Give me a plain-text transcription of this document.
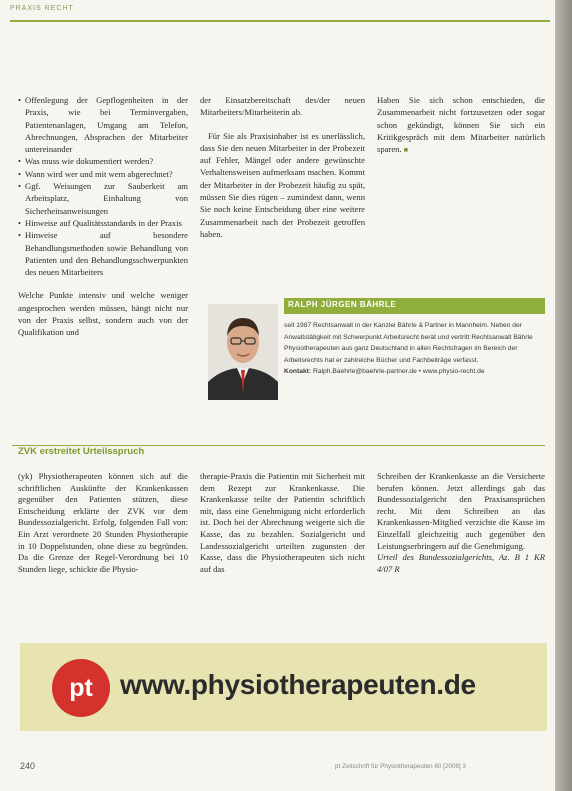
PRAXIS RECHT
• Offenlegung der Gepflogenheiten in der Praxis, wie bei Terminvergaben, Patientenanlagen, Umgang am Telefon, Abrechnungen, Absprachen der Mitarbeiter untereinander
• Was muss wie dokumentiert werden?
• Wann wird wer und mit wem abgerechnet?
• Ggf. Weisungen zur Sauberkeit am Arbeitsplatz, Einhaltung von Sicherheitsanweisungen
• Hinweise auf Qualitätsstandards in der Praxis
• Hinweise auf besondere Behandlungsmethoden sowie Behandlung von Patienten und den Behandlungsschwerpunkten des neuen Mitarbeiters

Welche Punkte intensiv und welche weniger angesprochen werden müssen, hängt nicht nur von der Praxis selbst, sondern auch von der Qualifikation und

der Einsatzbereitschaft des/der neuen Mitarbeiters/Mitarbeiterin ab.

Für Sie als Praxisinhaber ist es unerlässlich, dass Sie den neuen Mitarbeiter in der Probezeit auf Fehler, Mängel oder andere gewünschte Verhaltensweisen aufmerksam machen. Kommt der Mitarbeiter in der Probezeit häufig zu spät, müssen Sie dies rügen – zumindest dann, wenn Sie noch keine Entscheidung über eine weitere Zusammenarbeit nach der Probezeit getroffen haben.

Haben Sie sich schon entschieden, die Zusammenarbeit nicht fortzusetzen oder sogar schon gekündigt, können Sie sich ein Kritikgespräch mit dem Mitarbeiter natürlich sparen. ■

RALPH JÜRGEN BÄHRLE
seit 1987 Rechtsanwalt in der Kanzlei Bährle & Partner in Mannheim. Neben der Anwaltstätigkeit mit Schwerpunkt Arbeitsrecht berät und vertritt Rechtsanwalt Bährle Physiotherapeuten aus ganz Deutschland in allen Rechtsfragen im Bereich der Arbeitsrechts hat er zahlreiche Bücher und Fachbeiträge verfasst.
Kontakt: Ralph.Baehrle@baehrle-partner.de • www.physio-recht.de
ZVK erstreitet Urteilsspruch

(yk) Physiotherapeuten können sich auf die schriftlichen Auskünfte der Krankenkassen gegenüber den Patienten stützen, diese Entscheidung erklärte der ZVK vor dem Bundessozialgericht. Erfolg, folgenden Fall von: Ein Arzt verordnete 20 Stunden Physiotherapie in 10 Doppelstunden, ohne diese zu begründen. Da die Grenze der Regel-Verordnung bei 10 Stunden liege, schickte die Physio-

therapie-Praxis die Patientin mit Sicherheit mit dem Rezept zur Krankenkasse. Die Krankenkasse teilte der Patientin schriftlich mit, dass eine Genehmigung nicht erforderlich ist. Doch bei der Abrechnung weigerte sich die Kasse, das zu bezahlen. Sozialgericht und Landessozialgericht urteilten zugunsten der Kasse, dass die Physiotherapeuten sich nicht auf das

Schreiben der Krankenkasse an die Versicherte berufen können. Jetzt allerdings gab das Bundessozialgericht den Praxisansprüchen recht. Mit dem Schreiben an das Krankenkassen-Mitglied verzichte die Kasse im Einzelfall gleichzeitig auch gegenüber den Leistungserbringern auf die Genehmigung.

Urteil des Bundessozialgerichts, Az. B 1 KR 4/07 R

pt www.physiotherapeuten.de
240	pt Zeitschrift für Physiotherapeuten 60 [2008] 3
